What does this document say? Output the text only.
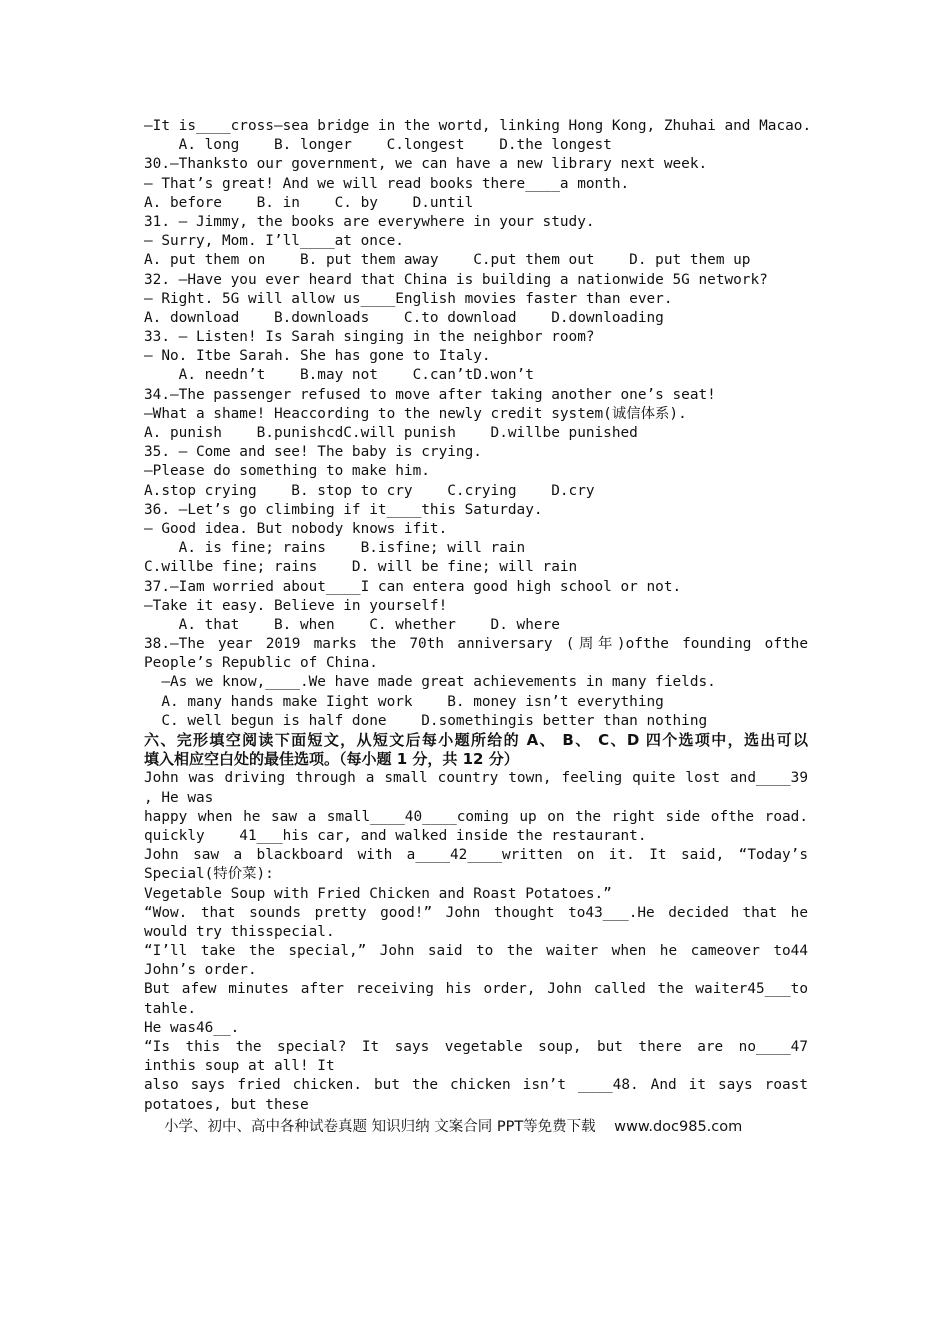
—It is____cross—sea bridge in the wortd, linking Hong Kong, Zhuhai and Macao.
A. long    B. longer    C.longest    D.the longest
30.—Thanksto our government, we can have a new library next week.
— That’s great! And we will read books there____a month.
A. before    B. in    C. by    D.until
31. — Jimmy, the books are everywhere in your study.
— Surry, Mom. I’ll____at once.
A. put them on    B. put them away    C.put them out    D. put them up
32. —Have you ever heard that China is building a nationwide 5G network?
— Right. 5G will allow us____English movies faster than ever.
A. download    B.downloads    C.to download    D.downloading
33. — Listen! Is Sarah singing in the neighbor room?
— No. Itbe Sarah. She has gone to Italy.
A. needn’t    B.may not    C.can’tD.won’t
34.—The passenger refused to move after taking another one’s seat!
—What a shame! Heaccording to the newly credit system(诚信体系).
A. punish    B.punishcdC.will punish    D.willbe punished
35. — Come and see! The baby is crying.
—Please do something to make him.
A.stop crying    B. stop to cry    C.crying    D.cry
36. —Let’s go climbing if it____this Saturday.
— Good idea. But nobody knows ifit.
A. is fine; rains    B.isfine; will rain
C.willbe fine; rains    D. will be fine; will rain
37.—Iam worried about____I can entera good high school or not.
—Take it easy. Believe in yourself!
A. that    B. when    C. whether    D. where
38.—The year 2019 marks the 70th anniversary (周年)ofthe founding ofthe
People’s Republic of China.
—As we know,____.We have made great achievements in many fields.
A. many hands make Iight work    B. money isn’t everything
C. well begun is half done    D.somethingis better than nothing
六、完形填空阅读下面短文，从短文后每小题所给的 A、 B、 C、D 四个选项中，选出可以
填入相应空白处的最佳选项。（每小题 1 分，共 12 分）
John was driving through a small country town, feeling quite lost and____39
, He was
happy when he saw a small____40____coming up on the right side ofthe road.
quickly    41___his car, and walked inside the restaurant.
John saw a blackboard with a____42____written on it. It said, “Today’s
Special(特价菜):
Vegetable Soup with Fried Chicken and Roast Potatoes.”
“Wow. that sounds pretty good!” John thought to43___.He decided that he
would try thisspecial.
“I’ll take the special,” John said to the waiter when he cameover to44
John’s order.
But afew minutes after receiving his order, John called the waiter45___to
tahle.
He was46__.
“Is this the special? It says vegetable soup, but there are no____47
inthis soup at all! It
also says fried chicken. but the chicken isn’t ____48. And it says roast
potatoes, but these
小学、初中、高中各种试卷真题 知识归纳 文案合同 PPT等免费下载    www.doc985.com
